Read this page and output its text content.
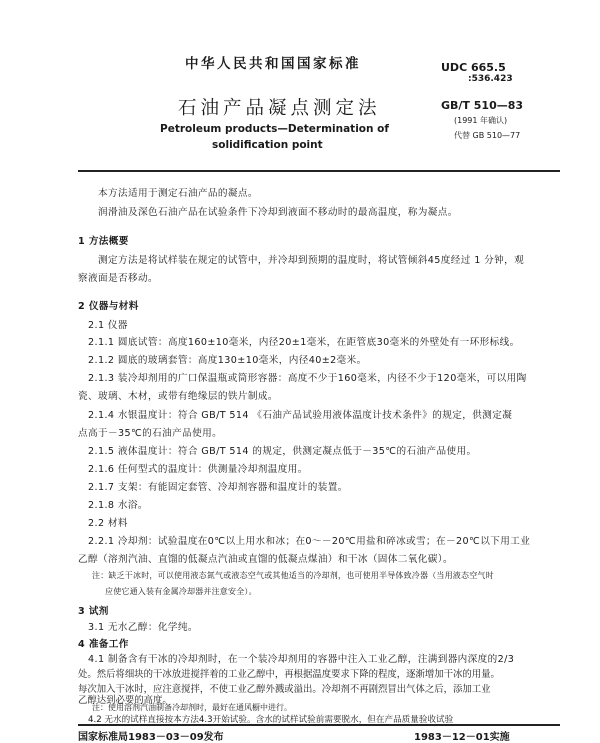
中华人民共和国国家标准	UDC 665.5
:536.423
石油产品凝点测定法	GB/T 510—83
(1991 年确认)
代替 GB 510—77
Petroleum products—Determination of
solidification point
本方法适用于测定石油产品的凝点。
润滑油及深色石油产品在试验条件下冷却到液面不移动时的最高温度，称为凝点。
1 方法概要
测定方法是将试样装在规定的试管中，并冷却到预期的温度时，将试管倾斜45度经过 1 分钟，观
察液面是否移动。
2 仪器与材料
2.1 仪器
2.1.1 圆底试管：高度160±10毫米，内径20±1毫米，在距管底30毫米的外壁处有一环形标线。
2.1.2 圆底的玻璃套管：高度130±10毫米，内径40±2毫米。
2.1.3 装冷却剂用的广口保温瓶或筒形容器：高度不少于160毫米，内径不少于120毫米，可以用陶
瓷、玻璃、木材，或带有绝缘层的铁片制成。
2.1.4 水银温度计：符合 GB/T 514 《石油产品试验用液体温度计技术条件》的规定，供测定凝
点高于－35℃的石油产品使用。
2.1.5 液体温度计：符合 GB/T 514 的规定，供测定凝点低于－35℃的石油产品使用。
2.1.6 任何型式的温度计：供测量冷却剂温度用。
2.1.7 支架：有能固定套管、冷却剂容器和温度计的装置。
2.1.8 水浴。
2.2 材料
2.2.1 冷却剂：试验温度在0℃以上用水和冰；在0～－20℃用盐和碎冰或雪；在－20℃以下用工业
乙醇（溶剂汽油、直馏的低凝点汽油或直馏的低凝点煤油）和干冰（固体二氧化碳）。
注：缺乏干冰时，可以使用液态氮气或液态空气或其他适当的冷却剂，也可使用半导体致冷器（当用液态空气时
应使它通入装有金属冷却器并注意安全）。
3 试剂
3.1 无水乙醇：化学纯。
4 准备工作
4.1 制备含有干冰的冷却剂时，在一个装冷却剂用的容器中注入工业乙醇，注满到器内深度的2/3
处。然后将细块的干冰放进搅拌着的工业乙醇中，再根据温度要求下降的程度，逐渐增加干冰的用量。
国家标准局1983－03－09发布	1983－12－01实施
每次加入干冰时，应注意搅拌，不使工业乙醇外溅或溢出。冷却剂不再剧烈冒出气体之后，添加工业
乙醇达到必要的高度。
注：使用溶剂汽油制备冷却剂时，最好在通风橱中进行。
4.2 无水的试样直接按本方法4.3开始试验。含水的试样试验前需要脱水，但在产品质量验收试验
